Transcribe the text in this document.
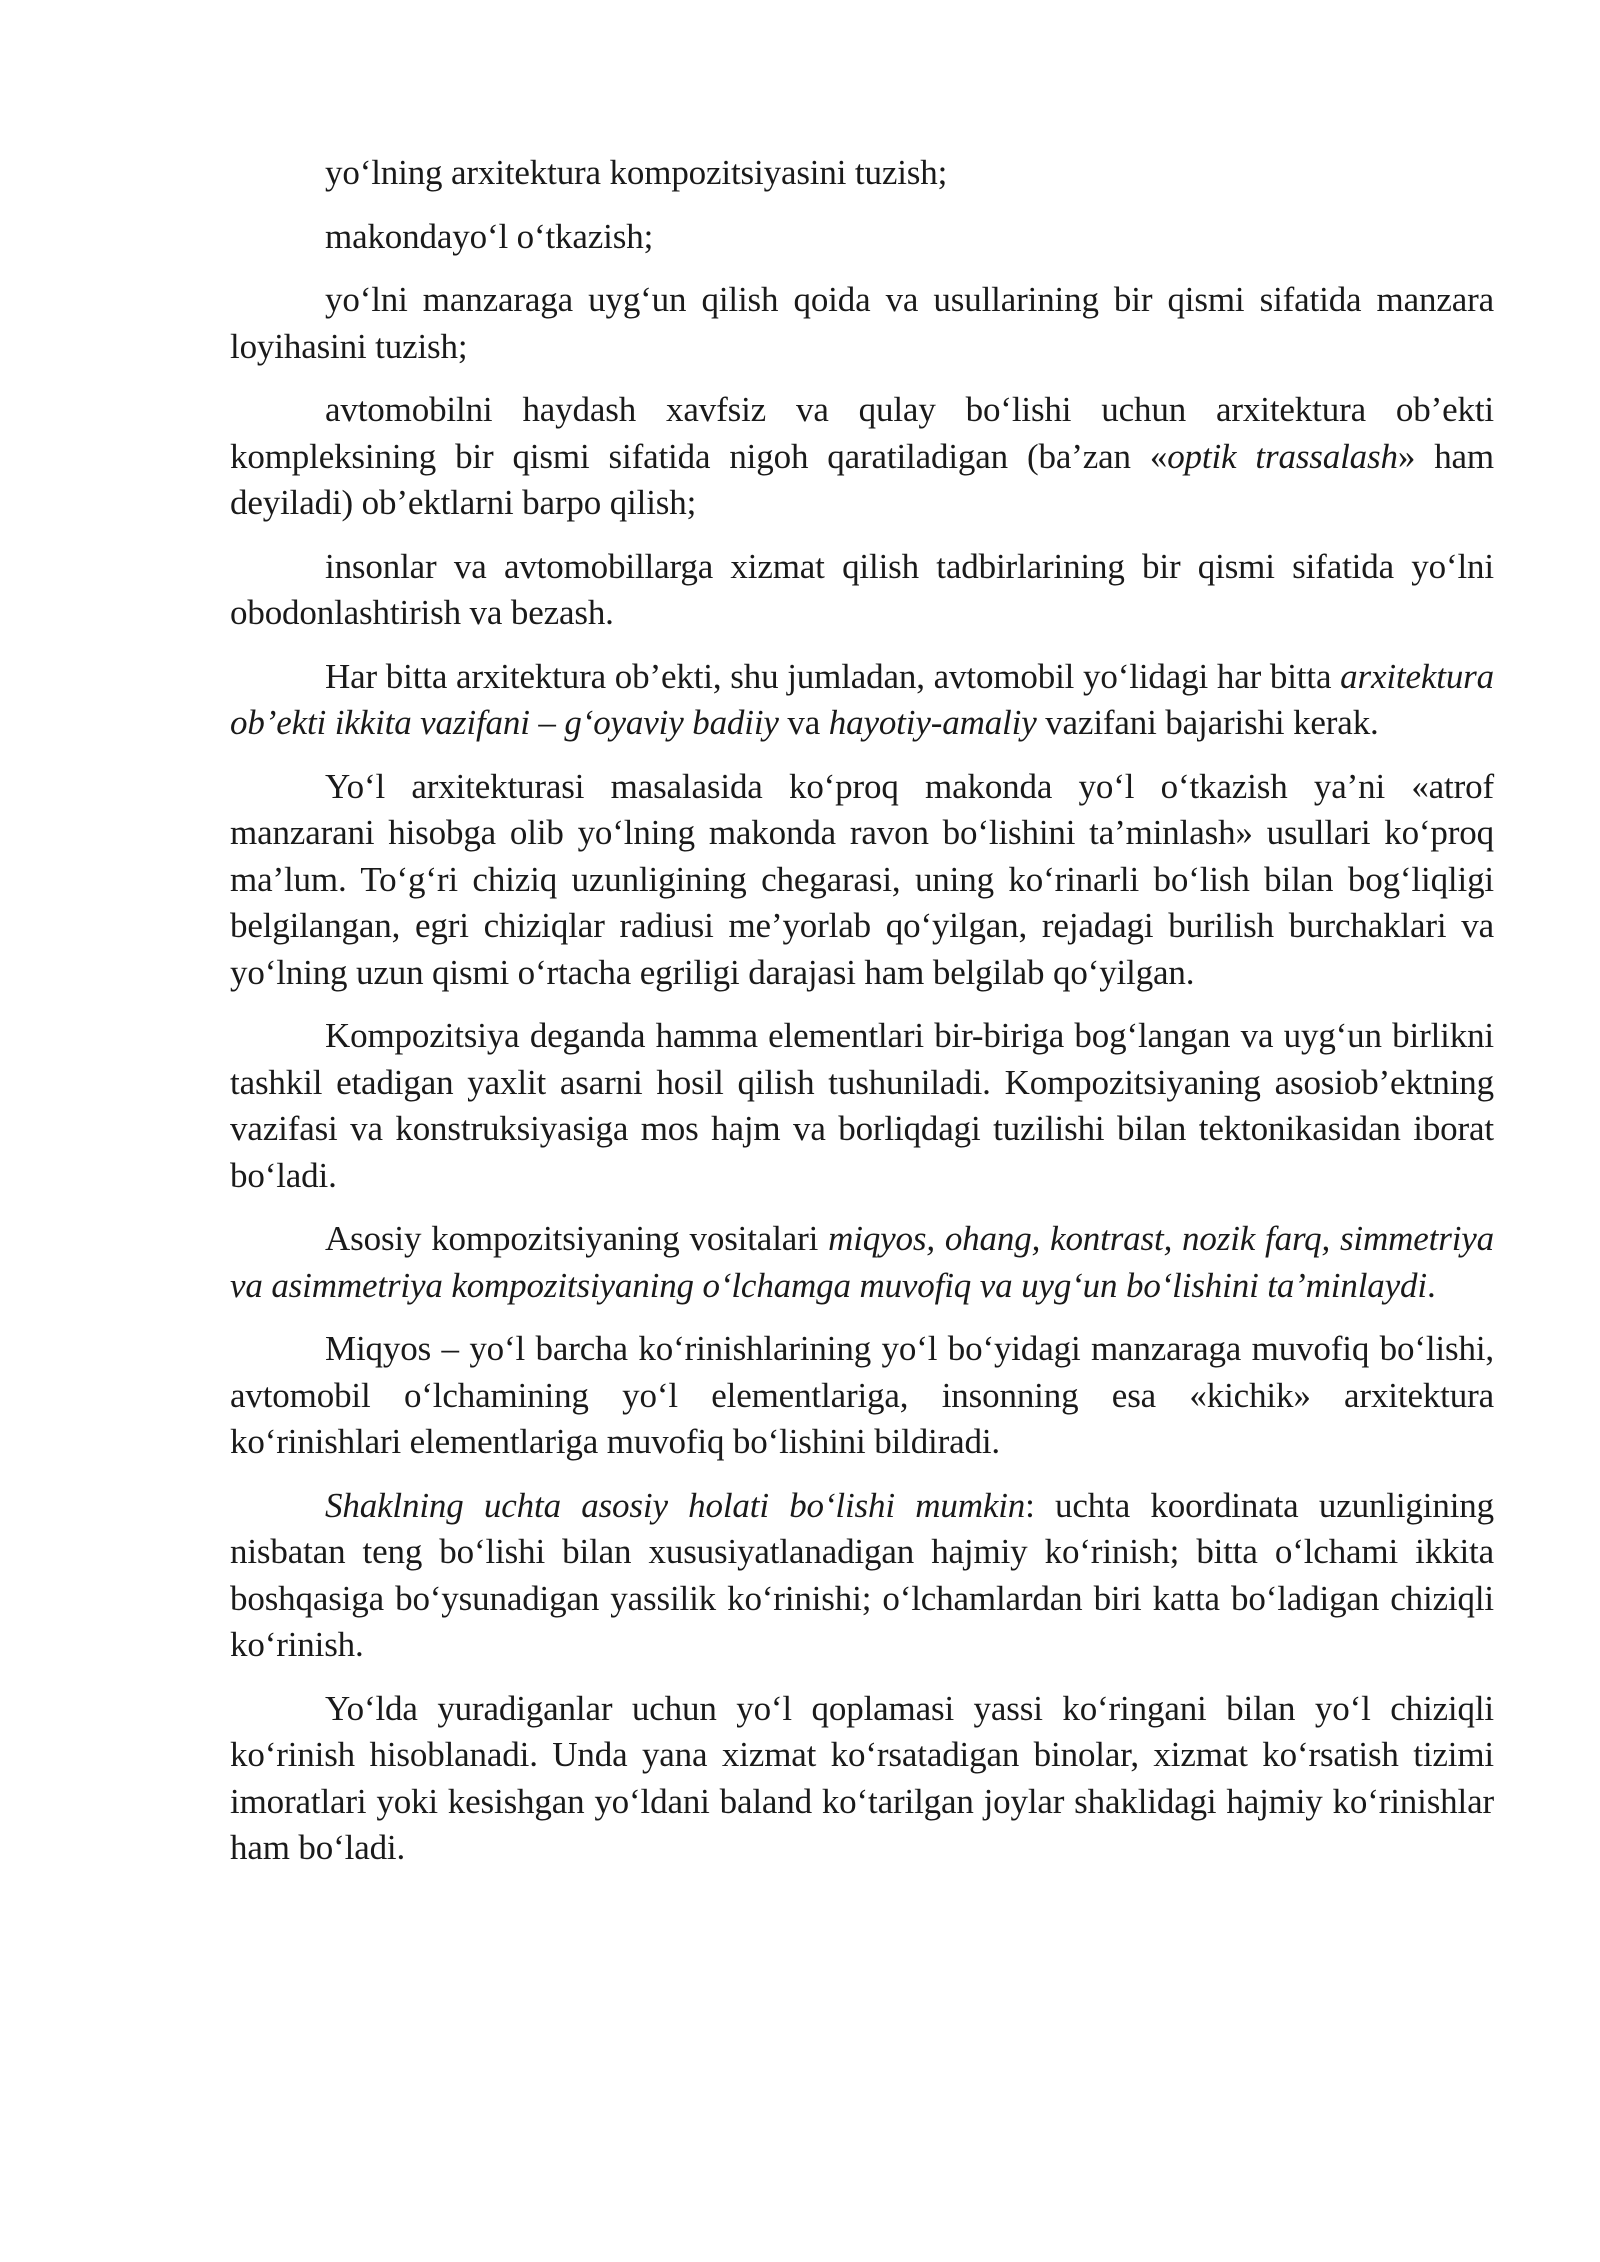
yo‘lning arxitektura kompozitsiyasini tuzish;

makondayo‘l o‘tkazish;

yo‘lni manzaraga uyg‘un qilish qoida va usullarining bir qismi sifatida manzara loyihasini tuzish;

avtomobilni haydash xavfsiz va qulay bo‘lishi uchun arxitektura ob’ekti kompleksining bir qismi sifatida nigoh qaratiladigan (ba’zan «optik trassalash» ham deyiladi) ob’ektlarni barpo qilish;

insonlar va avtomobillarga xizmat qilish tadbirlarining bir qismi sifatida yo‘lni obodonlashtirish va bezash.

Har bitta arxitektura ob’ekti, shu jumladan, avtomobil yo‘lidagi har bitta arxitektura ob’ekti ikkita vazifani – g‘oyaviy badiiy va hayotiy-amaliy vazifani bajarishi kerak.

Yo‘l arxitekturasi masalasida ko‘proq makonda yo‘l o‘tkazish ya’ni «atrof manzarani hisobga olib yo‘lning makonda ravon bo‘lishini ta’minlash» usullari ko‘proq ma’lum. To‘g‘ri chiziq uzunligining chegarasi, uning ko‘rinarli bo‘lish bilan bog‘liqligi belgilangan, egri chiziqlar radiusi me’yorlab qo‘yilgan, rejadagi burilish burchaklari va yo‘lning uzun qismi o‘rtacha egriligi darajasi ham belgilab qo‘yilgan.

Kompozitsiya deganda hamma elementlari bir-biriga bog‘langan va uyg‘un birlikni tashkil etadigan yaxlit asarni hosil qilish tushuniladi. Kompozitsiyaning asosiob’ektning vazifasi va konstruksiyasiga mos hajm va borliqdagi tuzilishi bilan tektonikasidan iborat bo‘ladi.

Asosiy kompozitsiyaning vositalari miqyos, ohang, kontrast, nozik farq, simmetriya va asimmetriya kompozitsiyaning o‘lchamga muvofiq va uyg‘un bo‘lishini ta’minlaydi.

Miqyos – yo‘l barcha ko‘rinishlarining yo‘l bo‘yidagi manzaraga muvofiq bo‘lishi, avtomobil o‘lchamining yo‘l elementlariga, insonning esa «kichik» arxitektura ko‘rinishlari elementlariga muvofiq bo‘lishini bildiradi.

Shaklning uchta asosiy holati bo‘lishi mumkin: uchta koordinata uzunligining nisbatan teng bo‘lishi bilan xususiyatlanadigan hajmiy ko‘rinish; bitta o‘lchami ikkita boshqasiga bo‘ysunadigan yassilik ko‘rinishi; o‘lchamlardan biri katta bo‘ladigan chiziqli ko‘rinish.

Yo‘lda yuradiganlar uchun yo‘l qoplamasi yassi ko‘ringani bilan yo‘l chiziqli ko‘rinish hisoblanadi. Unda yana xizmat ko‘rsatadigan binolar, xizmat ko‘rsatish tizimi imoratlari yoki kesishgan yo‘ldani baland ko‘tarilgan joylar shaklidagi hajmiy ko‘rinishlar ham bo‘ladi.
